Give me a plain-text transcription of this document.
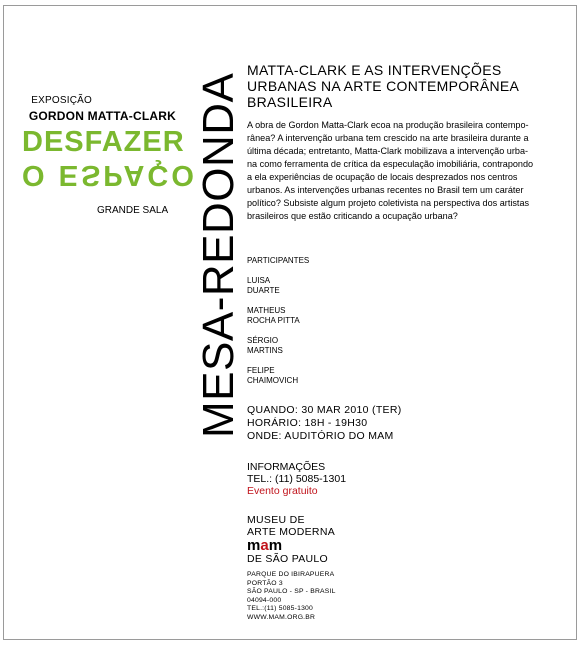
EXPOSIÇÃO
GORDON MATTA-CLARK
DESFAZER
O ESPAÇO
GRANDE SALA MESA-REDONDA
MATTA-CLARK E AS INTERVENÇÕES
URBANAS NA ARTE CONTEMPORÂNEA
BRASILEIRA
A obra de Gordon Matta-Clark ecoa na produção brasileira contempo-
rânea? A intervenção urbana tem crescido na arte brasileira durante a
última década; entretanto, Matta-Clark mobilizava a intervenção urba-
na como ferramenta de crítica da especulação imobiliária, contrapondo
a ela experiências de ocupação de locais desprezados nos centros
urbanos. As intervenções urbanas recentes no Brasil tem um caráter
político? Subsiste algum projeto coletivista na perspectiva dos artistas
brasileiros que estão criticando a ocupação urbana?
PARTICIPANTES
LUISA
DUARTE
MATHEUS
ROCHA PITTA
SÉRGIO
MARTINS
FELIPE
CHAIMOVICH
QUANDO: 30 MAR 2010 (TER)
HORÁRIO: 18H - 19H30
ONDE: AUDITÓRIO DO MAM
INFORMAÇÕES
TEL.: (11) 5085-1301
Evento gratuito
MUSEU DE
ARTE MODERNA
mam
DE SÃO PAULO
PARQUE DO IBIRAPUERA
PORTÃO 3
SÃO PAULO - SP - BRASIL
04094-000
TEL.:(11) 5085-1300
WWW.MAM.ORG.BR
